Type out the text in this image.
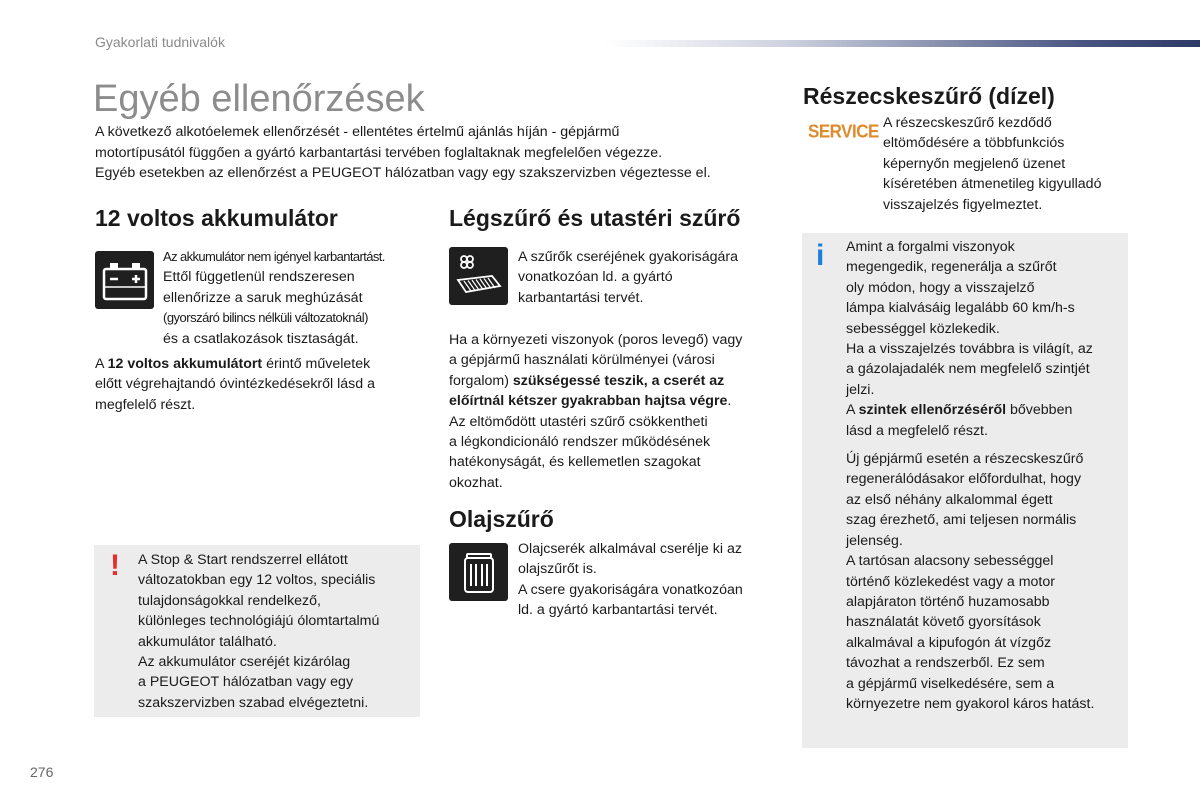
Gyakorlati tudnivalók
Egyéb ellenőrzések
A következő alkotóelemek ellenőrzését - ellentétes értelmű ajánlás híján - gépjármű
motortípusától függően a gyártó karbantartási tervében foglaltaknak megfelelően végezze.
Egyéb esetekben az ellenőrzést a PEUGEOT hálózatban vagy egy szakszervizben végeztesse el.
12 voltos akkumulátor
Az akkumulátor nem igényel karbantartást.
Ettől függetlenül rendszeresen
ellenőrizze a saruk meghúzását
(gyorszáró bilincs nélküli változatoknál)
és a csatlakozások tisztaságát.
A 12 voltos akkumulátort érintő műveletek
előtt végrehajtandó óvintézkedésekről lásd a
megfelelő részt.
! A Stop & Start rendszerrel ellátott
változatokban egy 12 voltos, speciális
tulajdonságokkal rendelkező,
különleges technológiájú ólomtartalmú
akkumulátor található.
Az akkumulátor cseréjét kizárólag
a PEUGEOT hálózatban vagy egy
szakszervizben szabad elvégeztetni.
Légszűrő és utastéri szűrő
A szűrők cseréjének gyakoriságára
vonatkozóan ld. a gyártó
karbantartási tervét.
Ha a környezeti viszonyok (poros levegő) vagy
a gépjármű használati körülményei (városi
forgalom) szükségessé teszik, a cserét az
előírtnál kétszer gyakrabban hajtsa végre.
Az eltömődött utastéri szűrő csökkentheti
a légkondicionáló rendszer működésének
hatékonyságát, és kellemetlen szagokat
okozhat.
Olajszűrő
Olajcserék alkalmával cserélje ki az
olajszűrőt is.
A csere gyakoriságára vonatkozóan
ld. a gyártó karbantartási tervét.
Részecskeszűrő (dízel)
SERVICE A részecskeszűrő kezdődő
eltömődésére a többfunkciós
képernyőn megjelenő üzenet
kíséretében átmenetileg kigyulladó
visszajelzés figyelmeztet.
i Amint a forgalmi viszonyok
megengedik, regenerálja a szűrőt
oly módon, hogy a visszajelző
lámpa kialvásáig legalább 60 km/h-s
sebességgel közlekedik.
Ha a visszajelzés továbbra is világít, az
a gázolajadalék nem megfelelő szintjét
jelzi.
A szintek ellenőrzéséről bővebben
lásd a megfelelő részt.
Új gépjármű esetén a részecskeszűrő
regenerálódásakor előfordulhat, hogy
az első néhány alkalommal égett
szag érezhető, ami teljesen normális
jelenség.
A tartósan alacsony sebességgel
történő közlekedést vagy a motor
alapjáraton történő huzamosabb
használatát követő gyorsítások
alkalmával a kipufogón át vízgőz
távozhat a rendszerből. Ez sem
a gépjármű viselkedésére, sem a
környezetre nem gyakorol káros hatást.
276
